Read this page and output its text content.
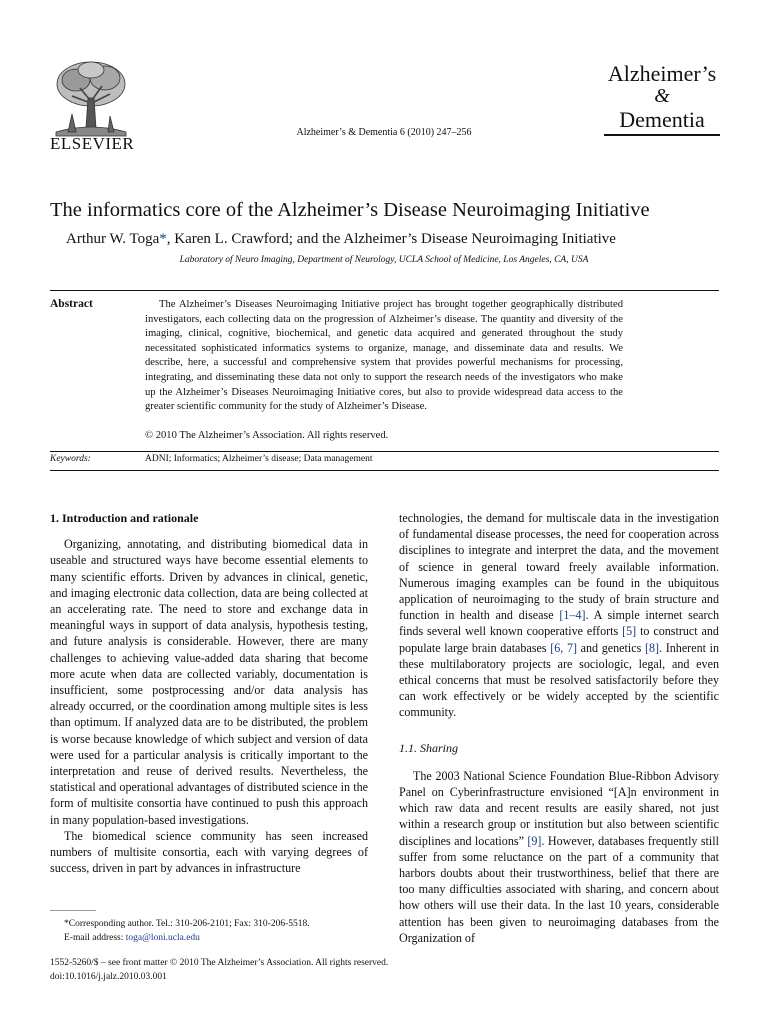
ELSEVIER
Alzheimer’s & Dementia 6 (2010) 247–256
Alzheimer’s
&
Dementia
The informatics core of the Alzheimer’s Disease Neuroimaging Initiative
Arthur W. Toga*, Karen L. Crawford; and the Alzheimer’s Disease Neuroimaging Initiative
Laboratory of Neuro Imaging, Department of Neurology, UCLA School of Medicine, Los Angeles, CA, USA
Abstract	The Alzheimer’s Diseases Neuroimaging Initiative project has brought together geographically distributed investigators, each collecting data on the progression of Alzheimer’s disease. The quantity and diversity of the imaging, clinical, cognitive, biochemical, and genetic data acquired and generated throughout the study necessitated sophisticated informatics systems to organize, manage, and disseminate data and results. We describe, here, a successful and comprehensive system that provides powerful mechanisms for processing, integrating, and disseminating these data not only to support the research needs of the investigators who make up the Alzheimer’s Diseases Neuroimaging Initiative cores, but also to provide widespread data access to the greater scientific community for the study of Alzheimer’s Disease.
© 2010 The Alzheimer’s Association. All rights reserved.
Keywords:	ADNI; Informatics; Alzheimer’s disease; Data management

1. Introduction and rationale

Organizing, annotating, and distributing biomedical data in useable and structured ways have become essential elements to many scientific efforts. Driven by advances in clinical, genetic, and imaging electronic data collection, data are being collected at an accelerating rate. The need to store and exchange data in meaningful ways in support of data analysis, hypothesis testing, and future analysis is considerable. However, there are many challenges to achieving value-added data sharing that become more acute when data are collected variably, documentation is insufficient, some postprocessing and/or data analysis has already occurred, or the coordination among multiple sites is less than optimum. If analyzed data are to be distributed, the problem is worse because knowledge of which subject and version of data were used for a particular analysis is critically important to the interpretation and reuse of derived results. Nevertheless, the statistical and operational advantages of distributed science in the form of multisite consortia have continued to push this approach in many population-based investigations.

The biomedical science community has seen increased numbers of multisite consortia, each with varying degrees of success, driven in part by advances in infrastructure

technologies, the demand for multiscale data in the investigation of fundamental disease processes, the need for cooperation across disciplines to integrate and interpret the data, and the movement of science in general toward freely available information. Numerous imaging examples can be found in the ubiquitous application of neuroimaging to the study of brain structure and function in health and disease [1–4]. A simple internet search finds several well known cooperative efforts [5] to construct and populate large brain databases [6, 7] and genetics [8]. Inherent in these multilaboratory projects are sociologic, legal, and even ethical concerns that must be resolved satisfactorily before they can work effectively or be widely accepted by the scientific community.

1.1. Sharing

The 2003 National Science Foundation Blue-Ribbon Advisory Panel on Cyberinfrastructure envisioned “[A]n environment in which raw data and recent results are easily shared, not just within a research group or institution but also between scientific disciplines and locations” [9]. However, databases frequently still suffer from some reluctance on the part of a community that harbors doubts about their trustworthiness, belief that there are too many difficulties associated with sharing, and concern about how others will use their data. In the last 10 years, considerable attention has been given to neuroimaging databases from the Organization of

*Corresponding author. Tel.: 310-206-2101; Fax: 310-206-5518.
E-mail address: toga@loni.ucla.edu
1552-5260/$ – see front matter © 2010 The Alzheimer’s Association. All rights reserved.
doi:10.1016/j.jalz.2010.03.001
